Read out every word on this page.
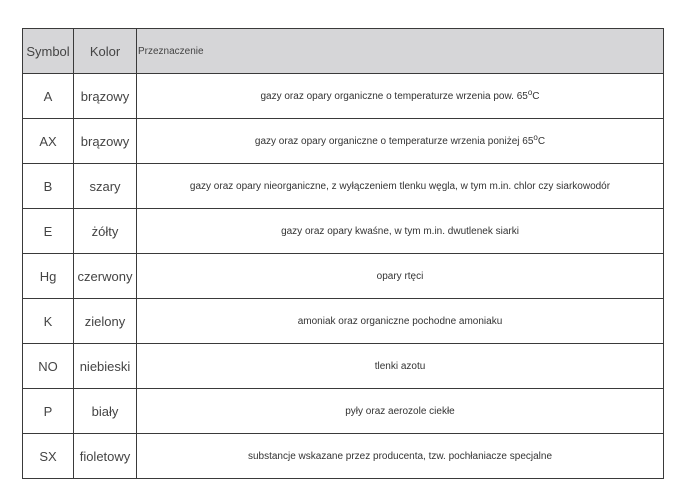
Symbol	Kolor	Przeznaczenie
A	brązowy	gazy oraz opary organiczne o temperaturze wrzenia pow. 65$^o$C
AX	brązowy	gazy oraz opary organiczne o temperaturze wrzenia poniżej 65$^o$C
B	szary	gazy oraz opary nieorganiczne, z wyłączeniem tlenku węgla, w tym m.in. chlor czy siarkowodór
E	żółty	gazy oraz opary kwaśne, w tym m.in. dwutlenek siarki
Hg	czerwony	opary rtęci
K	zielony	amoniak oraz organiczne pochodne amoniaku
NO	niebieski	tlenki azotu
P	biały	pyły oraz aerozole ciekłe
SX	fioletowy	substancje wskazane przez producenta, tzw. pochłaniacze specjalne
